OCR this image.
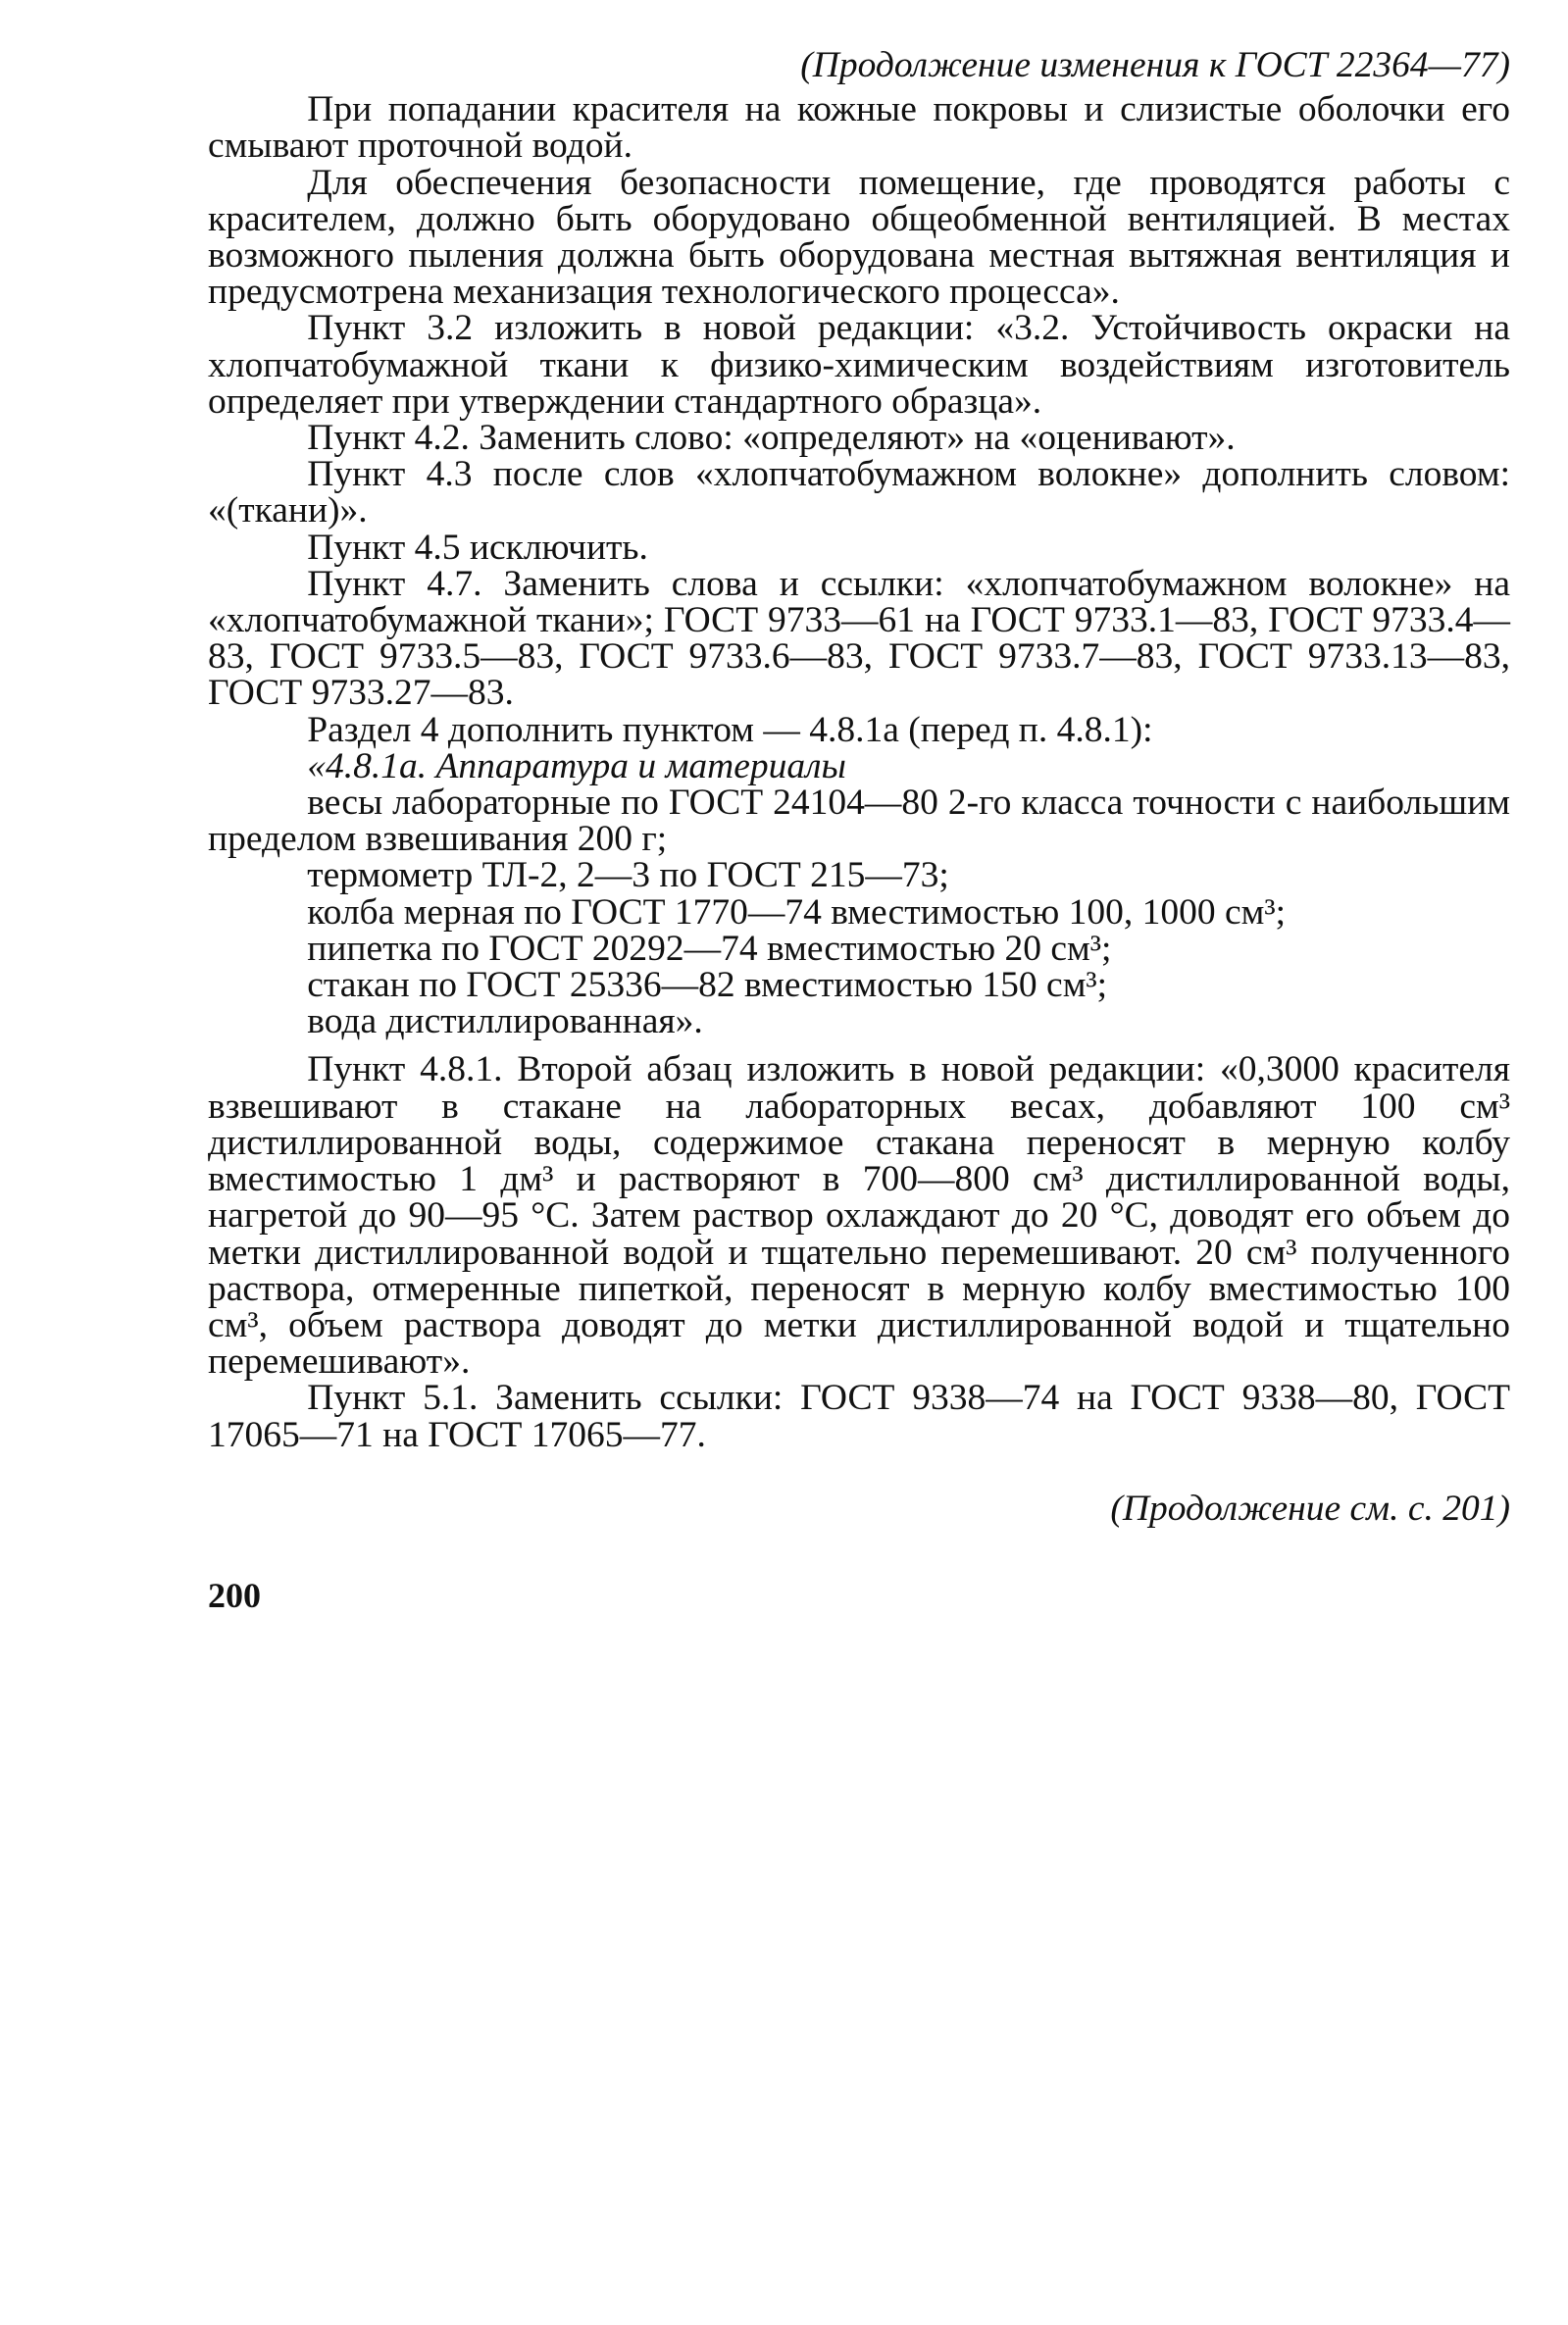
(Продолжение изменения к ГОСТ 22364—77)

При попадании красителя на кожные покровы и слизистые оболочки его смывают проточной водой.

Для обеспечения безопасности помещение, где проводятся работы с красителем, должно быть оборудовано общеобменной вентиляцией. В местах возможного пыления должна быть оборудована местная вытяжная вентиляция и предусмотрена механизация технологического процесса».

Пункт 3.2 изложить в новой редакции: «3.2. Устойчивость окраски на хлопчатобумажной ткани к физико-химическим воздействиям изготовитель определяет при утверждении стандартного образца».

Пункт 4.2. Заменить слово: «определяют» на «оценивают».

Пункт 4.3 после слов «хлопчатобумажном волокне» дополнить словом: «(ткани)».

Пункт 4.5 исключить.

Пункт 4.7. Заменить слова и ссылки: «хлопчатобумажном волокне» на «хлопчатобумажной ткани»; ГОСТ 9733—61 на ГОСТ 9733.1—83, ГОСТ 9733.4—83, ГОСТ 9733.5—83, ГОСТ 9733.6—83, ГОСТ 9733.7—83, ГОСТ 9733.13—83, ГОСТ 9733.27—83.

Раздел 4 дополнить пунктом — 4.8.1а (перед п. 4.8.1):

«4.8.1а. Аппаратура и материалы

весы лабораторные по ГОСТ 24104—80 2-го класса точности с наибольшим пределом взвешивания 200 г;

термометр ТЛ-2, 2—3 по ГОСТ 215—73;

колба мерная по ГОСТ 1770—74 вместимостью 100, 1000 см³;

пипетка по ГОСТ 20292—74 вместимостью 20 см³;

стакан по ГОСТ 25336—82 вместимостью 150 см³;

вода дистиллированная».

Пункт 4.8.1. Второй абзац изложить в новой редакции: «0,3000 красителя взвешивают в стакане на лабораторных весах, добавляют 100 см³ дистиллированной воды, содержимое стакана переносят в мерную колбу вместимостью 1 дм³ и растворяют в 700—800 см³ дистиллированной воды, нагретой до 90—95 °С. Затем раствор охлаждают до 20 °С, доводят его объем до метки дистиллированной водой и тщательно перемешивают. 20 см³ полученного раствора, отмеренные пипеткой, переносят в мерную колбу вместимостью 100 см³, объем раствора доводят до метки дистиллированной водой и тщательно перемешивают».

Пункт 5.1. Заменить ссылки: ГОСТ 9338—74 на ГОСТ 9338—80, ГОСТ 17065—71 на ГОСТ 17065—77.

(Продолжение см. с. 201)
200
